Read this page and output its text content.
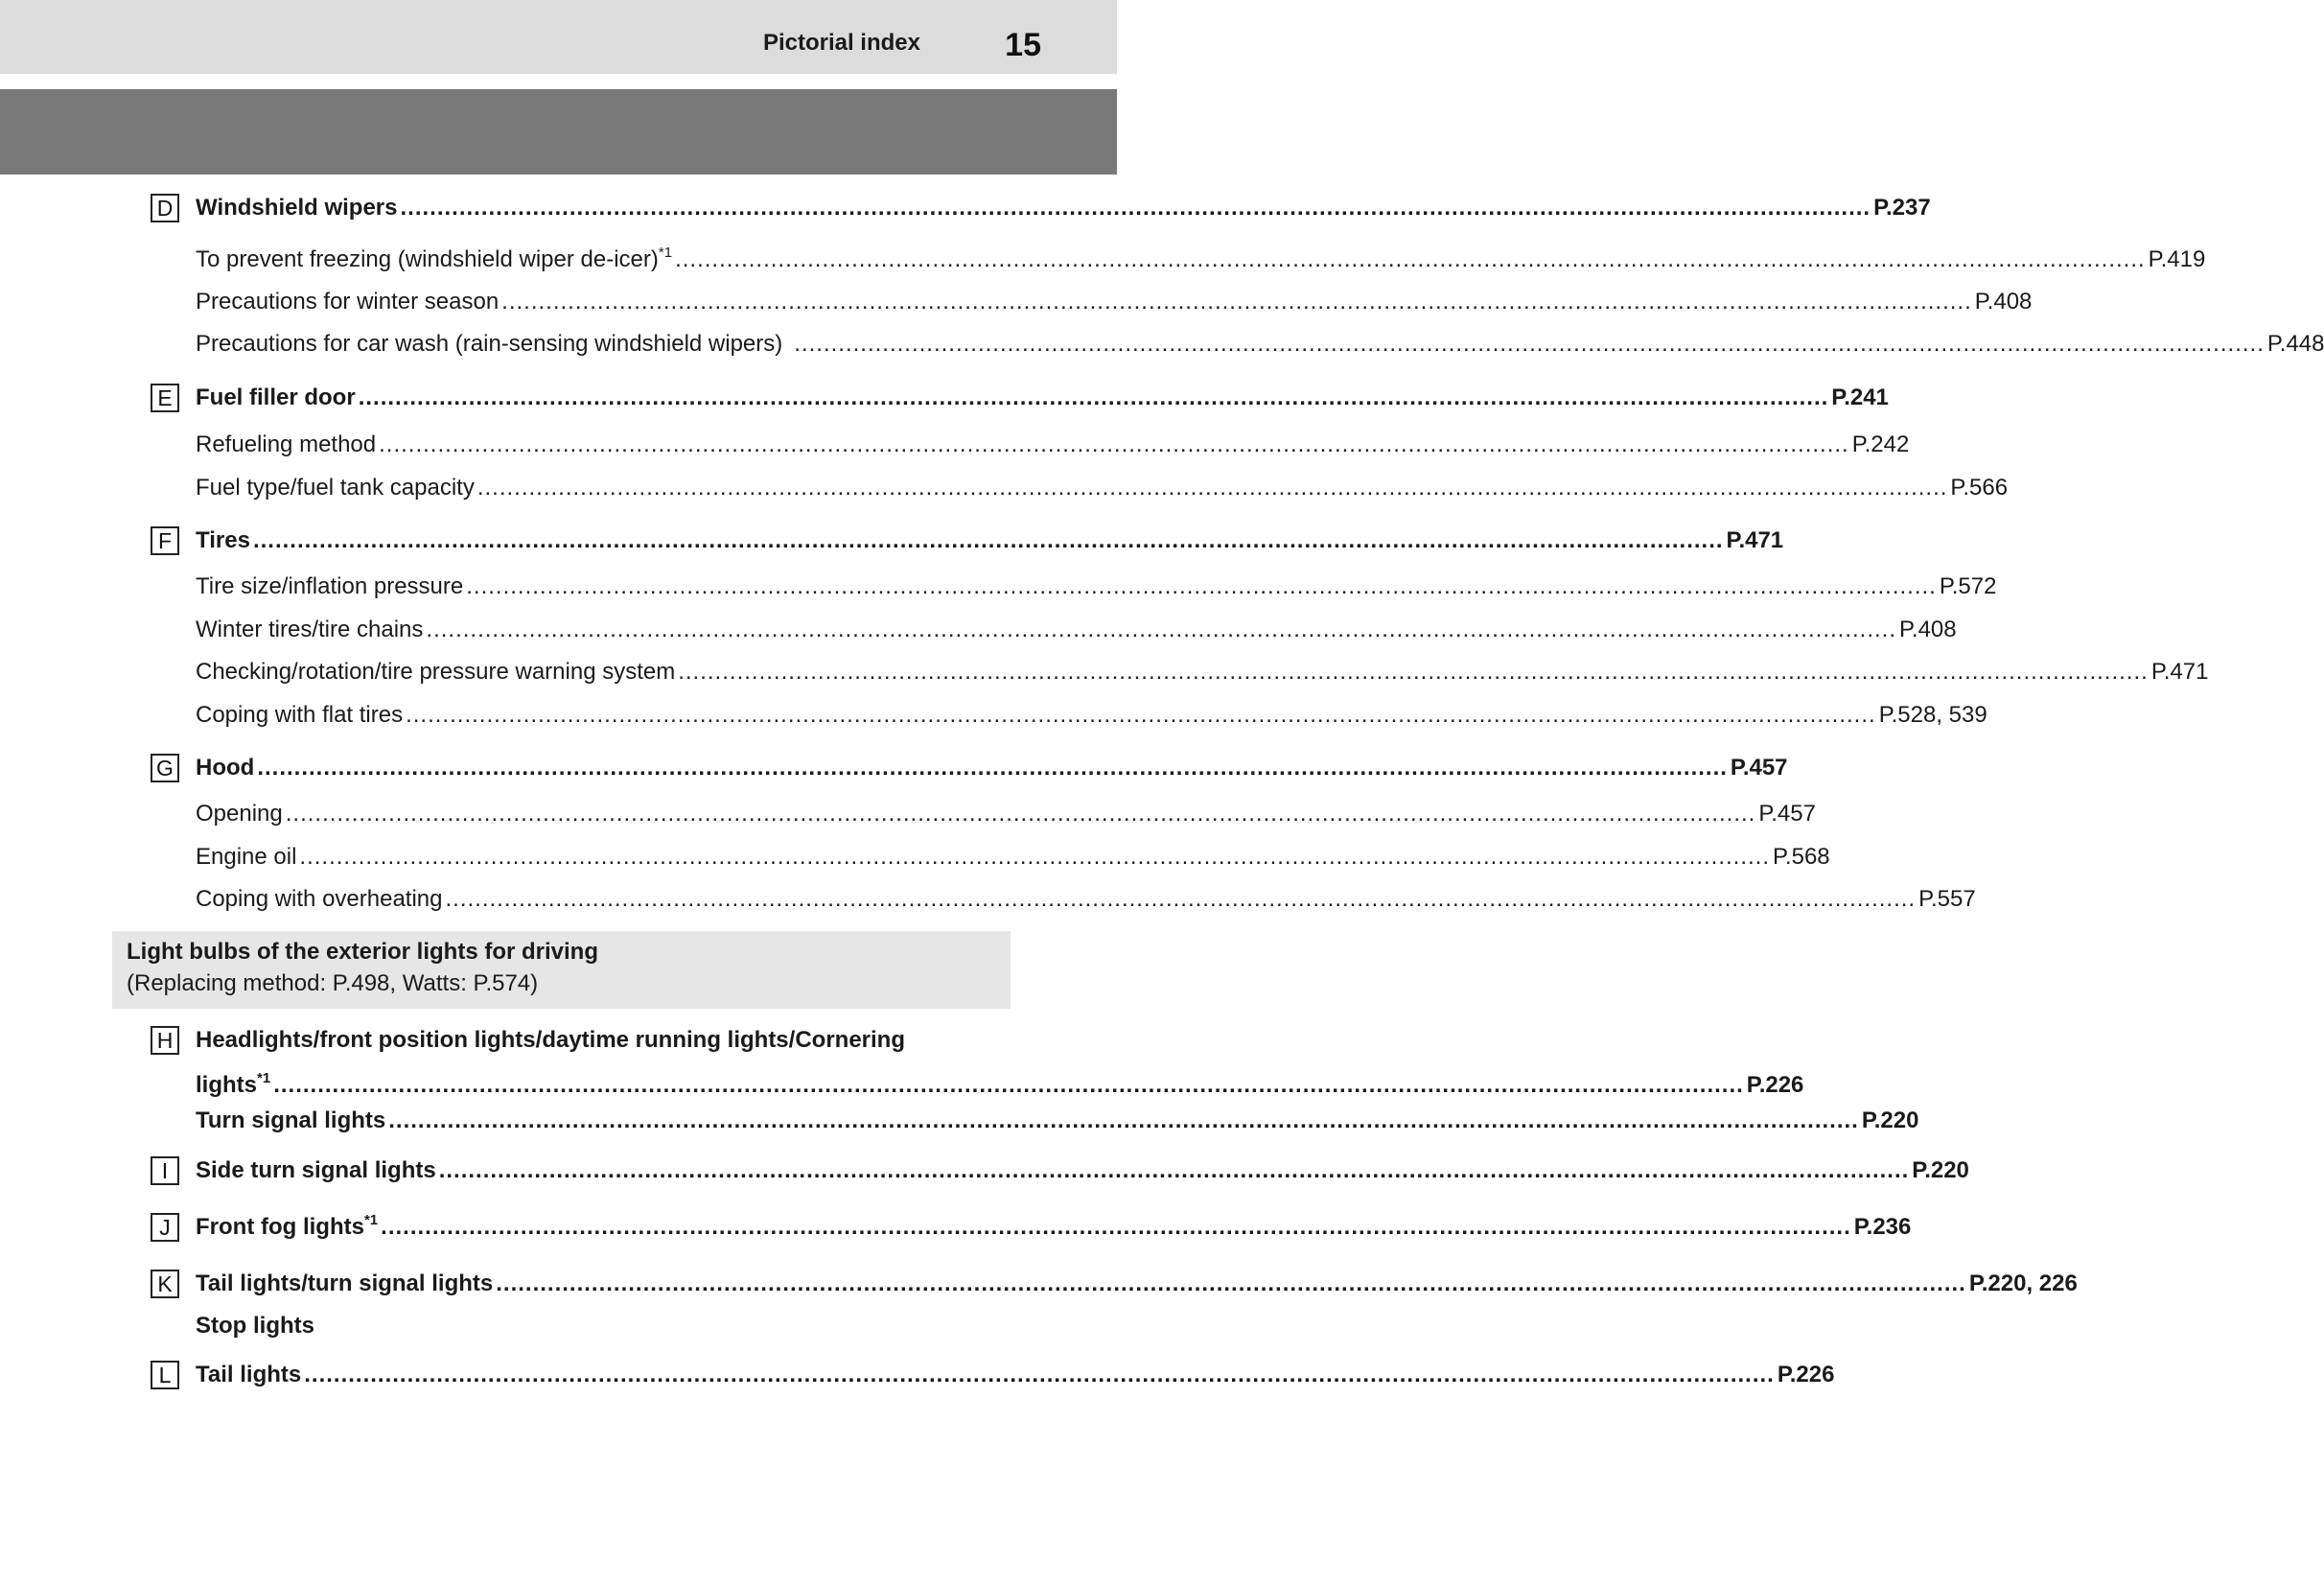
Pictorial index	15
D Windshield wipers ........................................................................................................................................................................................................ P.237
To prevent freezing (windshield wiper de-icer)$^{*1}$ ........................................................................................................................................................................................................ P.419
Precautions for winter season ........................................................................................................................................................................................................ P.408
Precautions for car wash (rain-sensing windshield wipers) ........................................................................................................................................................................................................ P.448
E	Fuel filler door ........................................................................................................................................................................................................ P.241
Refueling method ........................................................................................................................................................................................................ P.242
Fuel type/fuel tank capacity ........................................................................................................................................................................................................ P.566
F	Tires ........................................................................................................................................................................................................ P.471
Tire size/inflation pressure ........................................................................................................................................................................................................ P.572
Winter tires/tire chains ........................................................................................................................................................................................................ P.408
Checking/rotation/tire pressure warning system ........................................................................................................................................................................................................ P.471
Coping with flat tires ........................................................................................................................................................................................................ P.528, 539
G Hood ........................................................................................................................................................................................................ P.457
Opening ........................................................................................................................................................................................................ P.457
Engine oil ........................................................................................................................................................................................................ P.568
Coping with overheating ........................................................................................................................................................................................................ P.557
Light bulbs of the exterior lights for driving
(Replacing method: P.498, Watts: P.574)
H Headlights/front position lights/daytime running lights/Cornering
lights$^{*1}$ ........................................................................................................................................................................................................ P.226
Turn signal lights ........................................................................................................................................................................................................ P.220
I	Side turn signal lights ........................................................................................................................................................................................................ P.220
J	Front fog lights$^{*1}$ ........................................................................................................................................................................................................ P.236
K	Tail lights/turn signal lights ........................................................................................................................................................................................................ P.220, 226
Stop lights
L	Tail lights ........................................................................................................................................................................................................ P.226
